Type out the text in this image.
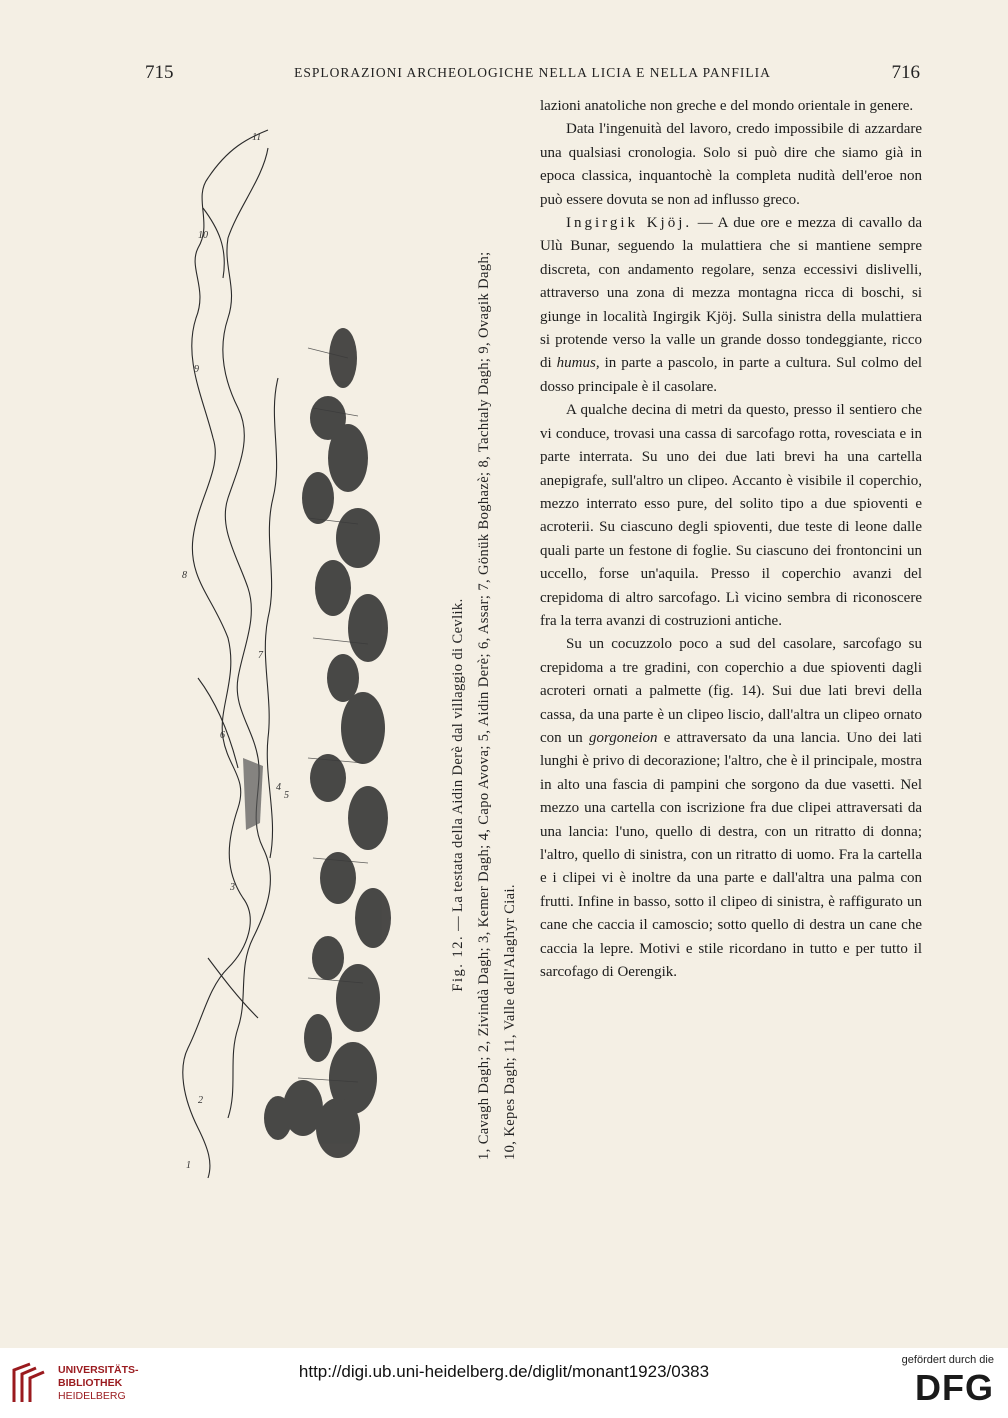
715	ESPLORAZIONI ARCHEOLOGICHE NELLA LICIA E NELLA PANFILIA	716
1
2
3
4
5
6
7
8
9
10
11
Fig. 12. — La testata della Aidin Derè dal villaggio di Cevlik. 1, Cavagh Dagh; 2, Zivindà Dagh; 3, Kemer Dagh; 4, Capo Avova; 5, Aidin Derè; 6, Assar; 7, Gönük Boghazè; 8, Tachtaly Dagh; 9, Ovagik Dagh; 10, Kepes Dagh; 11, Valle dell'Alaghyr Ciai.

lazioni anatoliche non greche e del mondo orientale in genere.

Data l'ingenuità del lavoro, credo impossibile di azzardare una qualsiasi cronologia. Solo si può dire che siamo già in epoca classica, inquantochè la completa nudità dell'eroe non può essere dovuta se non ad influsso greco.

Ingirgik Kjöj. — A due ore e mezza di cavallo da Ulù Bunar, seguendo la mulattiera che si mantiene sempre discreta, con andamento regolare, senza eccessivi dislivelli, attraverso una zona di mezza montagna ricca di boschi, si giunge in località Ingirgik Kjöj. Sulla sinistra della mulattiera si protende verso la valle un grande dosso tondeggiante, ricco di humus, in parte a pascolo, in parte a cultura. Sul colmo del dosso principale è il casolare.

A qualche decina di metri da questo, presso il sentiero che vi conduce, trovasi una cassa di sarcofago rotta, rovesciata e in parte interrata. Su uno dei due lati brevi ha una cartella anepigrafe, sull'altro un clipeo. Accanto è visibile il coperchio, mezzo interrato esso pure, del solito tipo a due spioventi e acroterii. Su ciascuno degli spioventi, due teste di leone dalle quali parte un festone di foglie. Su ciascuno dei frontoncini un uccello, forse un'aquila. Presso il coperchio avanzi del crepidoma di altro sarcofago. Lì vicino sembra di riconoscere fra la terra avanzi di costruzioni antiche.

Su un cocuzzolo poco a sud del casolare, sarcofago su crepidoma a tre gradini, con coperchio a due spioventi dagli acroteri ornati a palmette (fig. 14). Sui due lati brevi della cassa, da una parte è un clipeo liscio, dall'altra un clipeo ornato con un gorgoneion e attraversato da una lancia. Uno dei lati lunghi è privo di decorazione; l'altro, che è il principale, mostra in alto una fascia di pampini che sorgono da due vasetti. Nel mezzo una cartella con iscrizione fra due clipei attraversati da una lancia: l'uno, quello di destra, con un ritratto di donna; l'altro, quello di sinistra, con un ritratto di uomo. Fra la cartella e i clipei vi è inoltre da una parte e dall'altra una palma con frutti. Infine in basso, sotto il clipeo di sinistra, è raffigurato un cane che caccia il camoscio; sotto quello di destra un cane che caccia la lepre. Motivi e stile ricordano in tutto e per tutto il sarcofago di Oerengik.

UNIVERSITÄTS-
BIBLIOTHEK
HEIDELBERG
http://digi.ub.uni-heidelberg.de/diglit/monant1923/0383
gefördert durch die
DFG
